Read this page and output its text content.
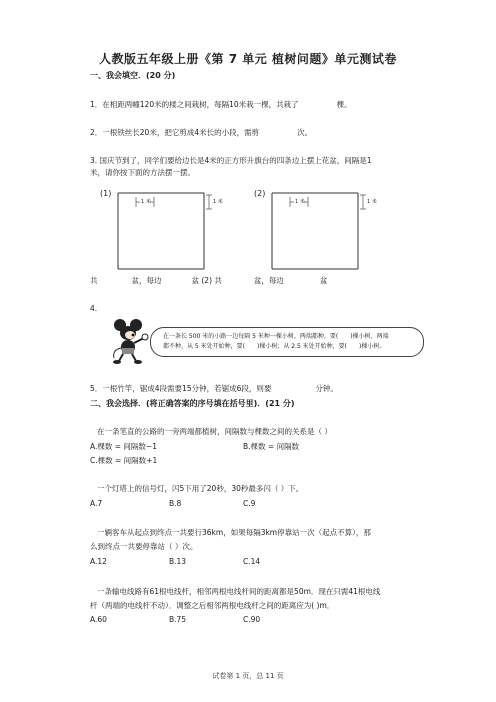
人教版五年级上册《第 7 单元 植树问题》单元测试卷
一、我会填空．(20 分)
1．在相距两幢120米的楼之间栽树，每隔10米栽一棵，共栽了	棵。
2．一根铁丝长20米，把它剪成4米长的小段，需剪	次。
3. 国庆节到了，同学们要给边长是4米的正方形升旗台的四条边上摆上花盆，间隔是1
米，请你按下面的方法摆一摆。
(1)
1 米	1 米
(2)
1 米	1 米
共	盆，每边	盆 (2) 共	盆，每边	盆
4.
在一条长 500 米的小路一边每隔 5 米种一棵小树，两端都种，要(　　)棵小树，两端
都不种，从 5 米处开始种，要(　　)棵小树；从 2.5 米处开始种，要(　　)棵小树。
5．一根竹竿，锯成4段需要15分钟，若锯成6段，则要	分钟。
二、我会选择．(将正确答案的序号填在括号里)．(21 分)
在一条笔直的公路的一旁两端都植树，间隔数与棵数之间的关系是（ ）
A.棵数 = 间隔数−1	B.棵数 = 间隔数
C.棵数 = 间隔数+1
一个灯塔上的信号灯，闪5下用了20秒，30秒最多闪（ ）下。
A.7	B.8	C.9
一辆客车从起点到终点一共要行36km，如果每隔3km停靠站一次（起点不算），那
么到终点一共要停靠站（ ）次。
A.12	B.13	C.14
一条输电线路有61根电线杆，相邻两根电线杆间的距离都是50m．现在只需41根电线
杆（两端的电线杆不动）．调整之后相邻两根电线杆之间的距离应为( )m．
A.60	B.75	C.90
试卷第 1 页，总 11 页
